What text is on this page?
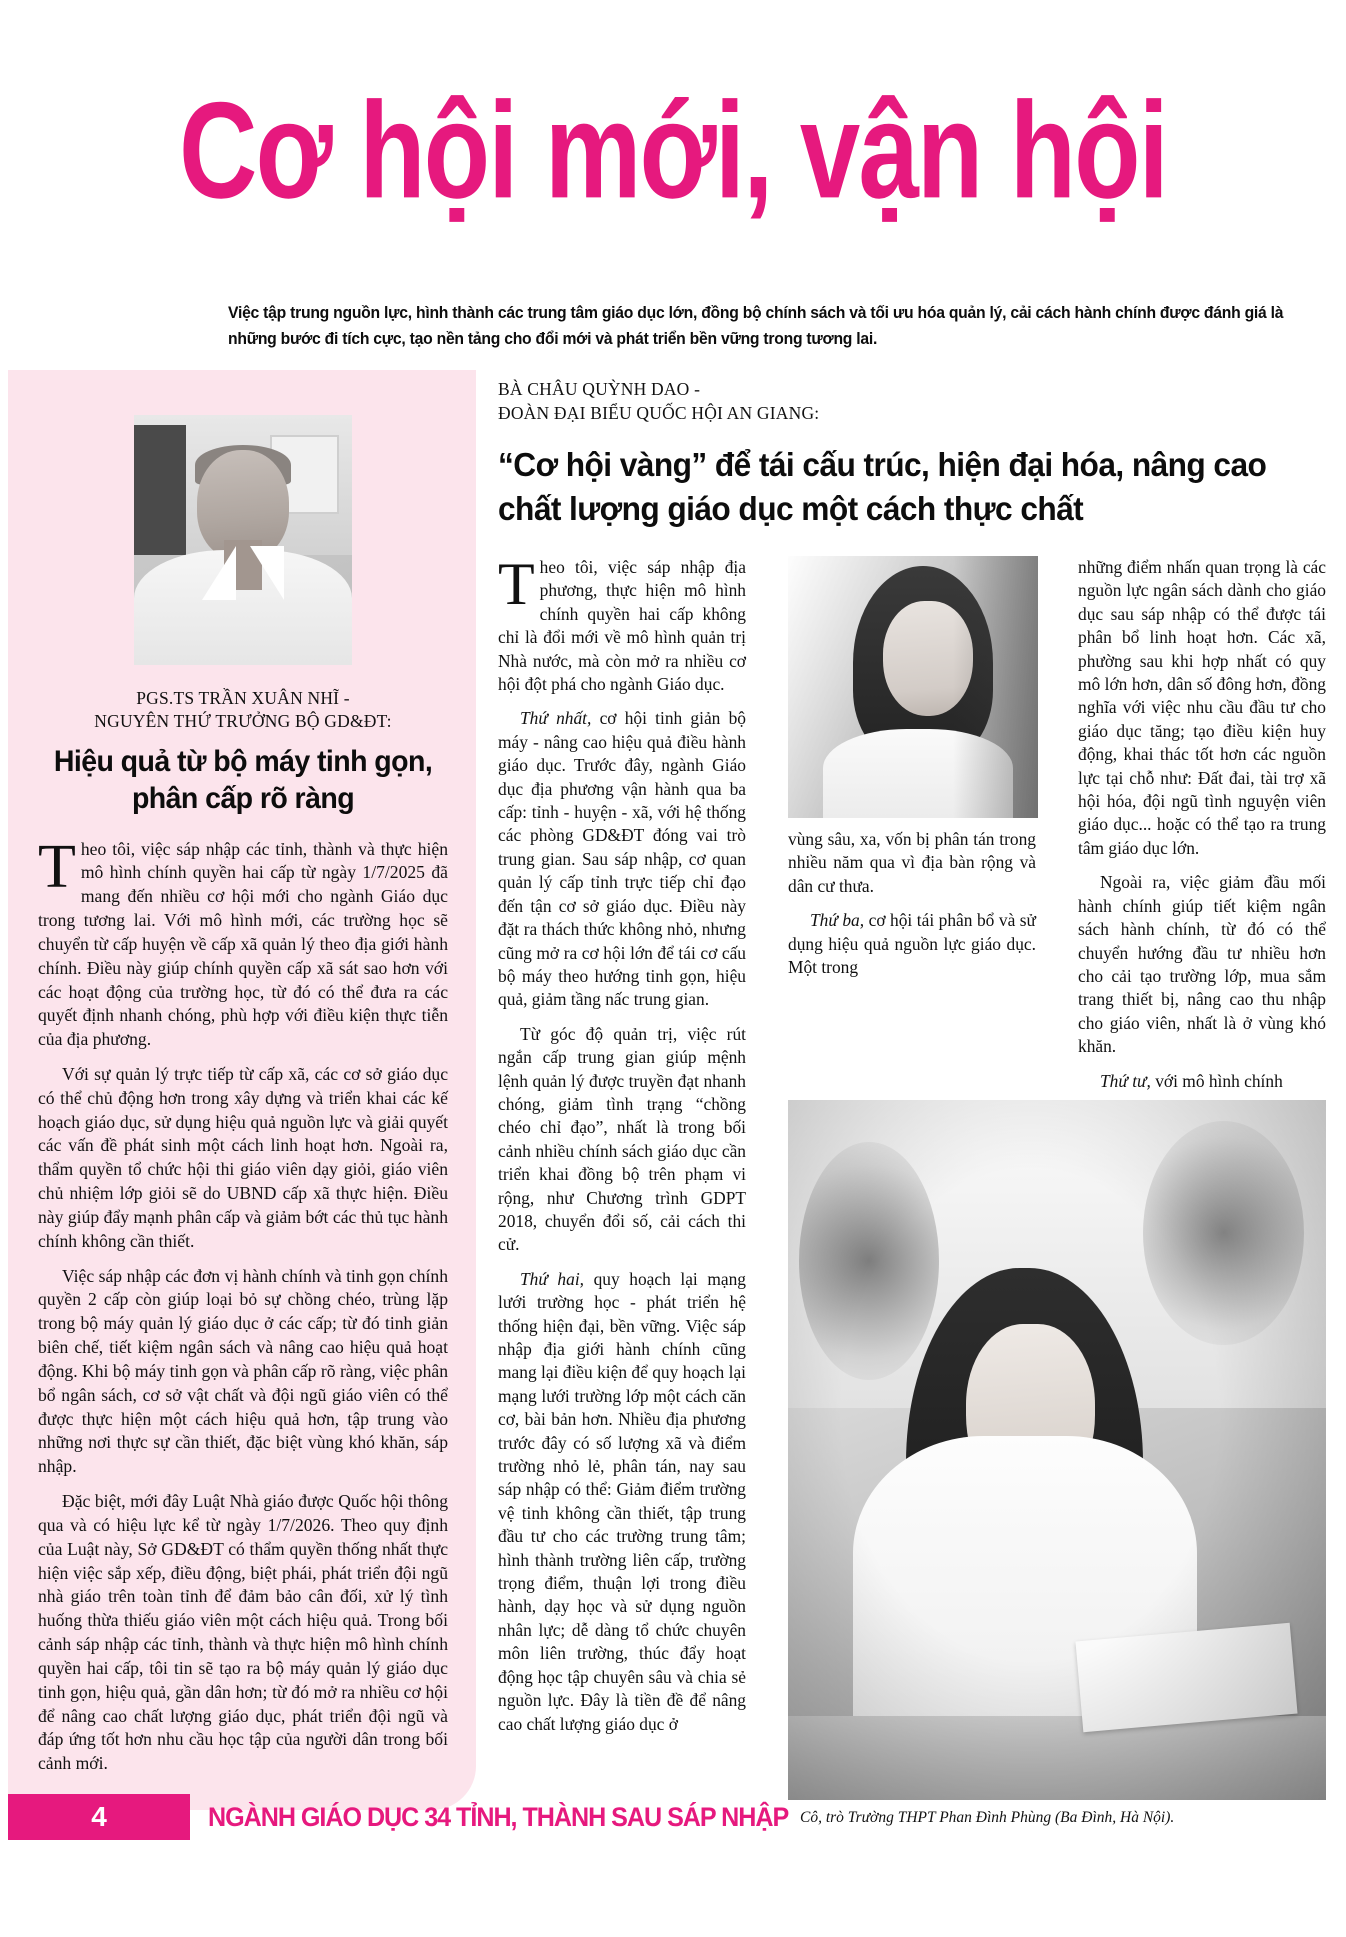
Cơ hội mới, vận hội
Việc tập trung nguồn lực, hình thành các trung tâm giáo dục lớn, đồng bộ chính sách và tối ưu hóa quản lý, cải cách hành chính được đánh giá là những bước đi tích cực, tạo nền tảng cho đổi mới và phát triển bền vững trong tương lai.
PGS.TS TRẦN XUÂN NHĨ -
NGUYÊN THỨ TRƯỞNG BỘ GD&ĐT:
Hiệu quả từ bộ máy tinh gọn,
phân cấp rõ ràng

Theo tôi, việc sáp nhập các tỉnh, thành và thực hiện mô hình chính quyền hai cấp từ ngày 1/7/2025 đã mang đến nhiều cơ hội mới cho ngành Giáo dục trong tương lai. Với mô hình mới, các trường học sẽ chuyển từ cấp huyện về cấp xã quản lý theo địa giới hành chính. Điều này giúp chính quyền cấp xã sát sao hơn với các hoạt động của trường học, từ đó có thể đưa ra các quyết định nhanh chóng, phù hợp với điều kiện thực tiễn của địa phương.

Với sự quản lý trực tiếp từ cấp xã, các cơ sở giáo dục có thể chủ động hơn trong xây dựng và triển khai các kế hoạch giáo dục, sử dụng hiệu quả nguồn lực và giải quyết các vấn đề phát sinh một cách linh hoạt hơn. Ngoài ra, thẩm quyền tổ chức hội thi giáo viên dạy giỏi, giáo viên chủ nhiệm lớp giỏi sẽ do UBND cấp xã thực hiện. Điều này giúp đẩy mạnh phân cấp và giảm bớt các thủ tục hành chính không cần thiết.

Việc sáp nhập các đơn vị hành chính và tinh gọn chính quyền 2 cấp còn giúp loại bỏ sự chồng chéo, trùng lặp trong bộ máy quản lý giáo dục ở các cấp; từ đó tinh giản biên chế, tiết kiệm ngân sách và nâng cao hiệu quả hoạt động. Khi bộ máy tinh gọn và phân cấp rõ ràng, việc phân bổ ngân sách, cơ sở vật chất và đội ngũ giáo viên có thể được thực hiện một cách hiệu quả hơn, tập trung vào những nơi thực sự cần thiết, đặc biệt vùng khó khăn, sáp nhập.

Đặc biệt, mới đây Luật Nhà giáo được Quốc hội thông qua và có hiệu lực kể từ ngày 1/7/2026. Theo quy định của Luật này, Sở GD&ĐT có thẩm quyền thống nhất thực hiện việc sắp xếp, điều động, biệt phái, phát triển đội ngũ nhà giáo trên toàn tỉnh để đảm bảo cân đối, xử lý tình huống thừa thiếu giáo viên một cách hiệu quả. Trong bối cảnh sáp nhập các tỉnh, thành và thực hiện mô hình chính quyền hai cấp, tôi tin sẽ tạo ra bộ máy quản lý giáo dục tinh gọn, hiệu quả, gần dân hơn; từ đó mở ra nhiều cơ hội để nâng cao chất lượng giáo dục, phát triển đội ngũ và đáp ứng tốt hơn nhu cầu học tập của người dân trong bối cảnh mới.

BÀ CHÂU QUỲNH DAO -
ĐOÀN ĐẠI BIỂU QUỐC HỘI AN GIANG:
“Cơ hội vàng” để tái cấu trúc, hiện đại hóa, nâng cao
chất lượng giáo dục một cách thực chất

Theo tôi, việc sáp nhập địa phương, thực hiện mô hình chính quyền hai cấp không chỉ là đổi mới về mô hình quản trị Nhà nước, mà còn mở ra nhiều cơ hội đột phá cho ngành Giáo dục.

Thứ nhất, cơ hội tinh giản bộ máy - nâng cao hiệu quả điều hành giáo dục. Trước đây, ngành Giáo dục địa phương vận hành qua ba cấp: tỉnh - huyện - xã, với hệ thống các phòng GD&ĐT đóng vai trò trung gian. Sau sáp nhập, cơ quan quản lý cấp tỉnh trực tiếp chỉ đạo đến tận cơ sở giáo dục. Điều này đặt ra thách thức không nhỏ, nhưng cũng mở ra cơ hội lớn để tái cơ cấu bộ máy theo hướng tinh gọn, hiệu quả, giảm tầng nấc trung gian.

Từ góc độ quản trị, việc rút ngắn cấp trung gian giúp mệnh lệnh quản lý được truyền đạt nhanh chóng, giảm tình trạng “chồng chéo chỉ đạo”, nhất là trong bối cảnh nhiều chính sách giáo dục cần triển khai đồng bộ trên phạm vi rộng, như Chương trình GDPT 2018, chuyển đổi số, cải cách thi cử.

Thứ hai, quy hoạch lại mạng lưới trường học - phát triển hệ thống hiện đại, bền vững. Việc sáp nhập địa giới hành chính cũng mang lại điều kiện để quy hoạch lại mạng lưới trường lớp một cách căn cơ, bài bản hơn. Nhiều địa phương trước đây có số lượng xã và điểm trường nhỏ lẻ, phân tán, nay sau sáp nhập có thể: Giảm điểm trường vệ tinh không cần thiết, tập trung đầu tư cho các trường trung tâm; hình thành trường liên cấp, trường trọng điểm, thuận lợi trong điều hành, dạy học và sử dụng nguồn nhân lực; dễ dàng tổ chức chuyên môn liên trường, thúc đẩy hoạt động học tập chuyên sâu và chia sẻ nguồn lực. Đây là tiền đề để nâng cao chất lượng giáo dục ở

vùng sâu, xa, vốn bị phân tán trong nhiều năm qua vì địa bàn rộng và dân cư thưa.

Thứ ba, cơ hội tái phân bổ và sử dụng hiệu quả nguồn lực giáo dục. Một trong

những điểm nhấn quan trọng là các nguồn lực ngân sách dành cho giáo dục sau sáp nhập có thể được tái phân bổ linh hoạt hơn. Các xã, phường sau khi hợp nhất có quy mô lớn hơn, dân số đông hơn, đồng nghĩa với việc nhu cầu đầu tư cho giáo dục tăng; tạo điều kiện huy động, khai thác tốt hơn các nguồn lực tại chỗ như: Đất đai, tài trợ xã hội hóa, đội ngũ tình nguyện viên giáo dục... hoặc có thể tạo ra trung tâm giáo dục lớn.

Ngoài ra, việc giảm đầu mối hành chính giúp tiết kiệm ngân sách hành chính, từ đó có thể chuyển hướng đầu tư nhiều hơn cho cải tạo trường lớp, mua sắm trang thiết bị, nâng cao thu nhập cho giáo viên, nhất là ở vùng khó khăn.

Thứ tư, với mô hình chính

Cô, trò Trường THPT Phan Đình Phùng (Ba Đình, Hà Nội).
4	NGÀNH GIÁO DỤC 34 TỈNH, THÀNH SAU SÁP NHẬP
